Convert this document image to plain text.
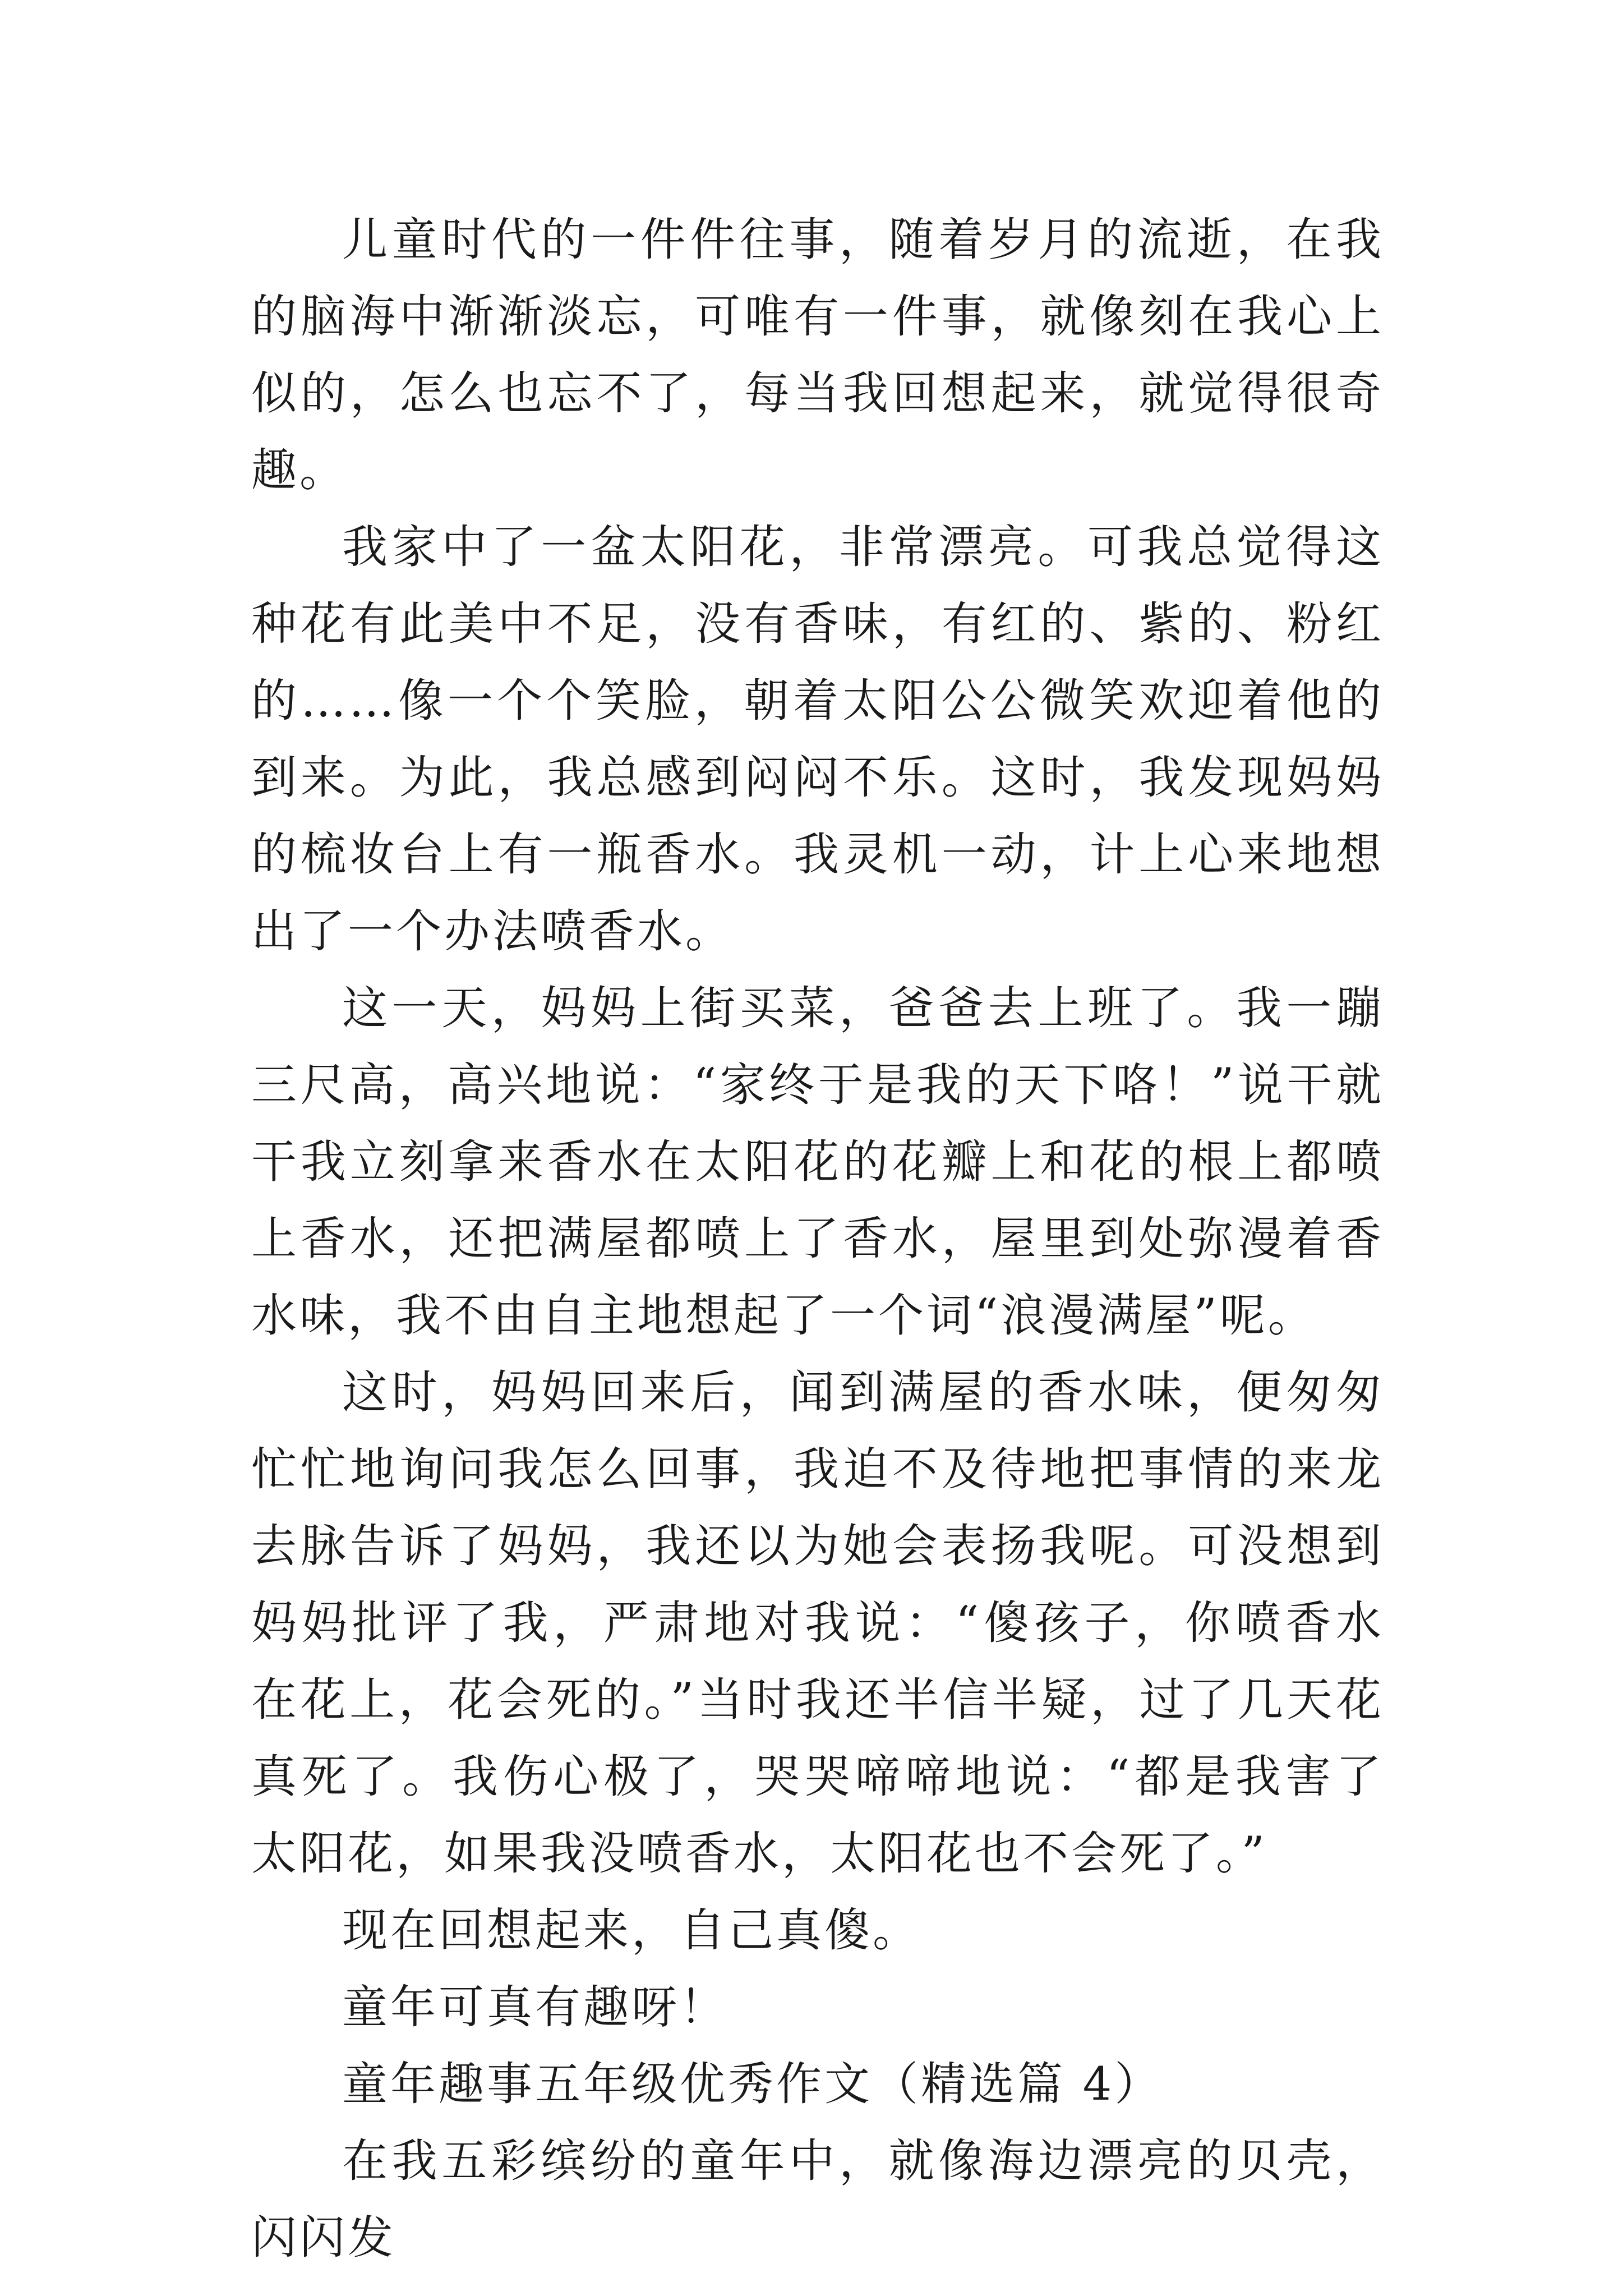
儿童时代的一件件往事，随着岁月的流逝，在我的脑海中渐渐淡忘，可唯有一件事，就像刻在我心上似的，怎么也忘不了，每当我回想起来，就觉得很奇趣。

我家中了一盆太阳花，非常漂亮。可我总觉得这种花有此美中不足，没有香味，有红的、紫的、粉红的……像一个个笑脸，朝着太阳公公微笑欢迎着他的到来。为此，我总感到闷闷不乐。这时，我发现妈妈的梳妆台上有一瓶香水。我灵机一动，计上心来地想出了一个办法喷香水。

这一天，妈妈上街买菜，爸爸去上班了。我一蹦三尺高，高兴地说：“家终于是我的天下咯！”说干就干我立刻拿来香水在太阳花的花瓣上和花的根上都喷上香水，还把满屋都喷上了香水，屋里到处弥漫着香水味，我不由自主地想起了一个词“浪漫满屋”呢。

这时，妈妈回来后，闻到满屋的香水味，便匆匆忙忙地询问我怎么回事，我迫不及待地把事情的来龙去脉告诉了妈妈，我还以为她会表扬我呢。可没想到妈妈批评了我，严肃地对我说：“傻孩子，你喷香水在花上，花会死的。”当时我还半信半疑，过了几天花真死了。我伤心极了，哭哭啼啼地说：“都是我害了太阳花，如果我没喷香水，太阳花也不会死了。”

现在回想起来，自己真傻。

童年可真有趣呀！

童年趣事五年级优秀作文（精选篇 4）

在我五彩缤纷的童年中，就像海边漂亮的贝壳，闪闪发
